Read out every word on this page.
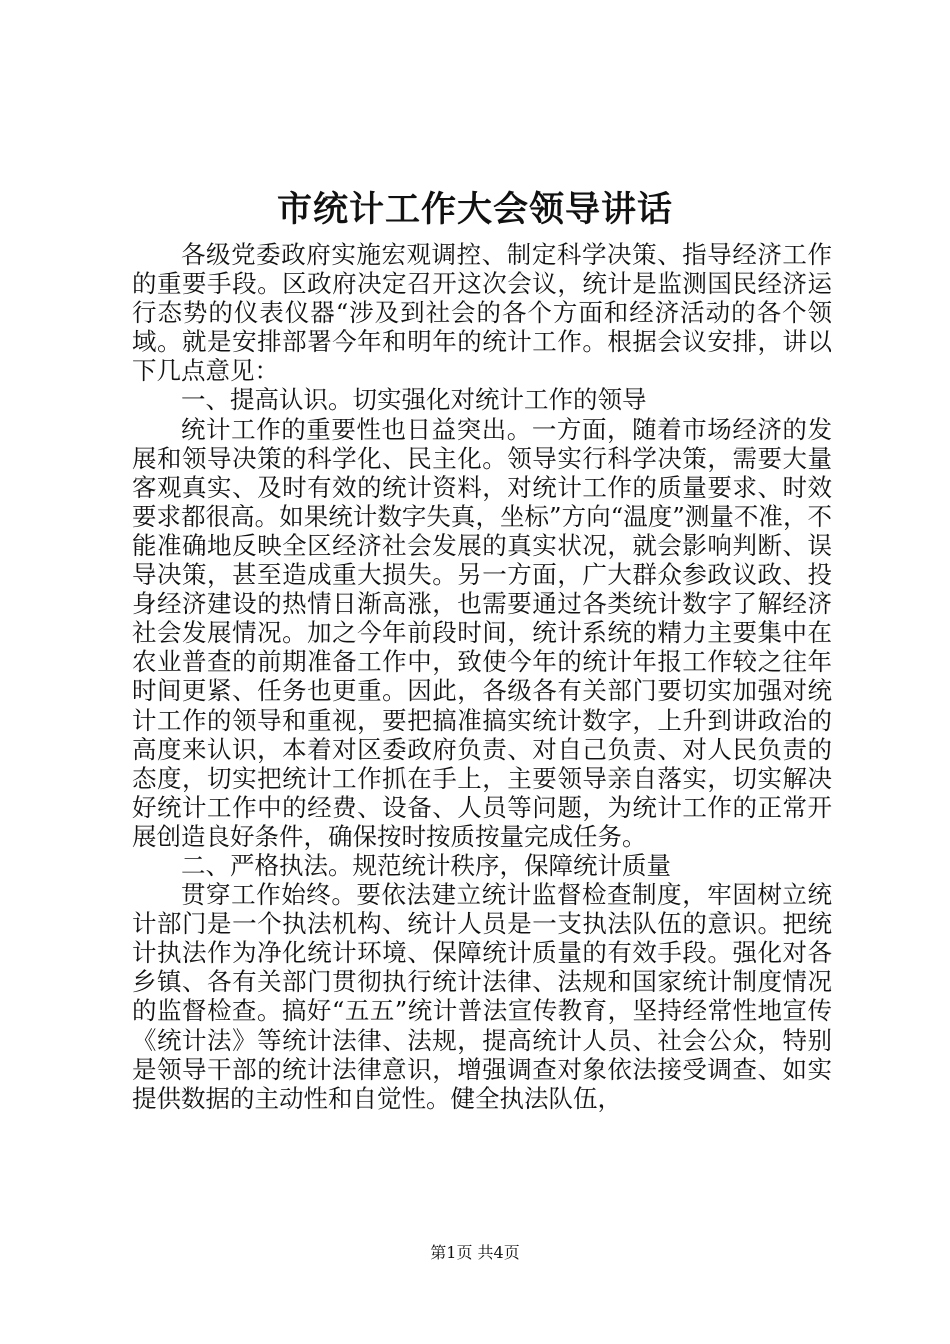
市统计工作大会领导讲话

各级党委政府实施宏观调控、制定科学决策、指导经济工作的重要手段。区政府决定召开这次会议，统计是监测国民经济运行态势的仪表仪器“涉及到社会的各个方面和经济活动的各个领域。就是安排部署今年和明年的统计工作。根据会议安排，讲以下几点意见：

一、提高认识。切实强化对统计工作的领导

统计工作的重要性也日益突出。一方面，随着市场经济的发展和领导决策的科学化、民主化。领导实行科学决策，需要大量客观真实、及时有效的统计资料，对统计工作的质量要求、时效要求都很高。如果统计数字失真，坐标”方向“温度”测量不准，不能准确地反映全区经济社会发展的真实状况，就会影响判断、误导决策，甚至造成重大损失。另一方面，广大群众参政议政、投身经济建设的热情日渐高涨，也需要通过各类统计数字了解经济社会发展情况。加之今年前段时间，统计系统的精力主要集中在农业普查的前期准备工作中，致使今年的统计年报工作较之往年时间更紧、任务也更重。因此，各级各有关部门要切实加强对统计工作的领导和重视，要把搞准搞实统计数字，上升到讲政治的高度来认识，本着对区委政府负责、对自己负责、对人民负责的态度，切实把统计工作抓在手上，主要领导亲自落实，切实解决好统计工作中的经费、设备、人员等问题，为统计工作的正常开展创造良好条件，确保按时按质按量完成任务。

二、严格执法。规范统计秩序，保障统计质量

贯穿工作始终。要依法建立统计监督检查制度，牢固树立统计部门是一个执法机构、统计人员是一支执法队伍的意识。把统计执法作为净化统计环境、保障统计质量的有效手段。强化对各乡镇、各有关部门贯彻执行统计法律、法规和国家统计制度情况的监督检查。搞好“五五”统计普法宣传教育，坚持经常性地宣传《统计法》等统计法律、法规，提高统计人员、社会公众，特别是领导干部的统计法律意识，增强调查对象依法接受调查、如实提供数据的主动性和自觉性。健全执法队伍，

第1页 共4页
